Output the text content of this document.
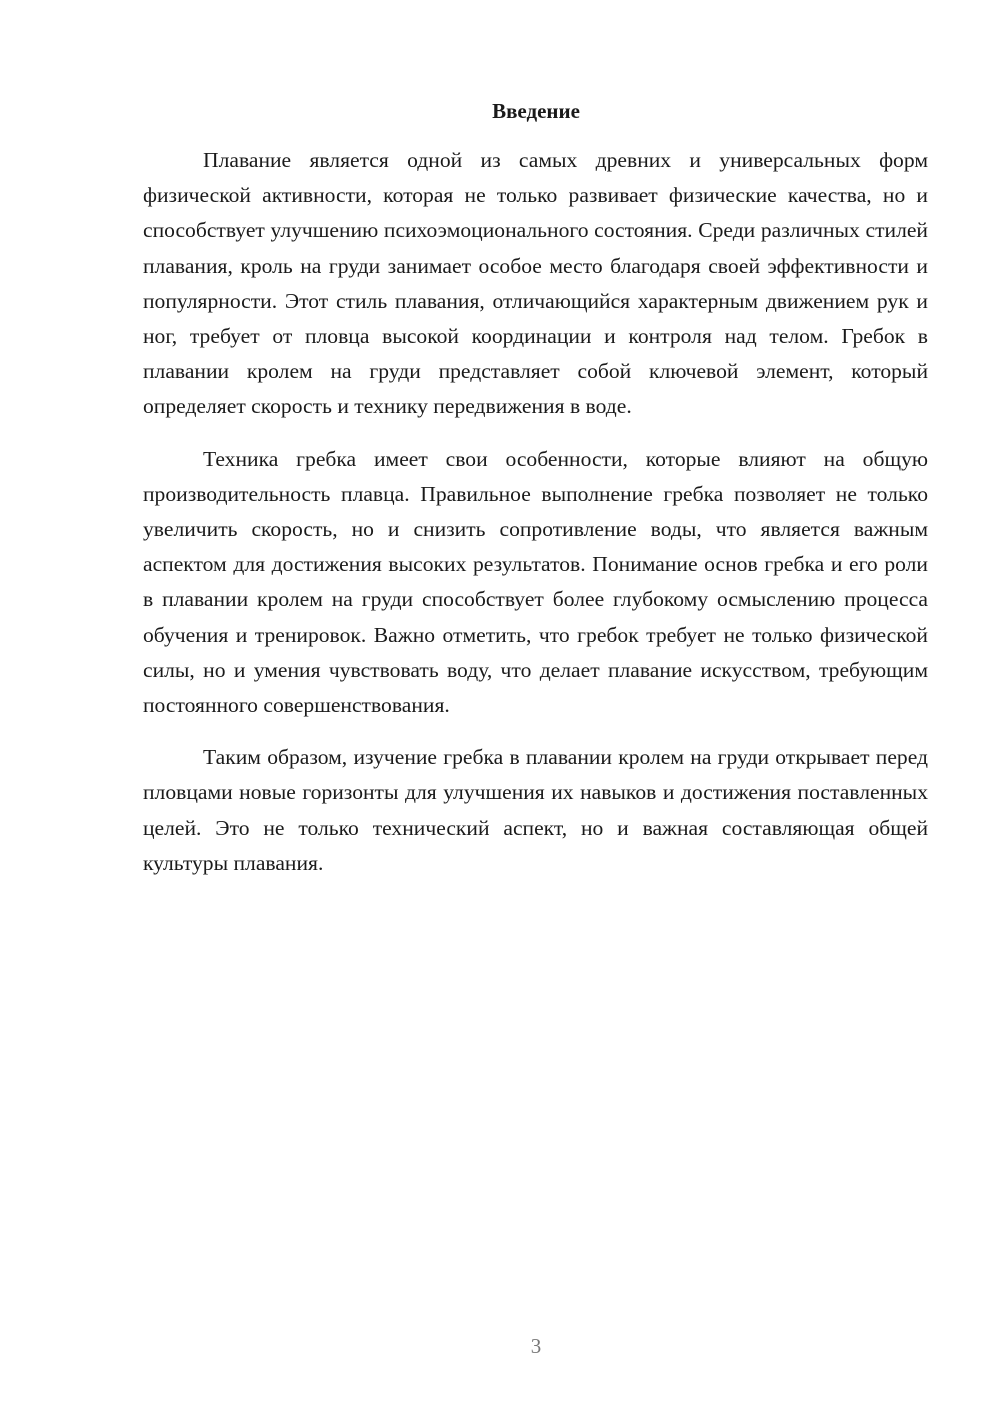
Введение

Плавание является одной из самых древних и универсальных форм физической активности, которая не только развивает физические качества, но и способствует улучшению психоэмоционального состояния. Среди различных стилей плавания, кроль на груди занимает особое место благодаря своей эффективности и популярности. Этот стиль плавания, отличающийся характерным движением рук и ног, требует от пловца высокой координации и контроля над телом. Гребок в плавании кролем на груди представляет собой ключевой элемент, который определяет скорость и технику передвижения в воде.

Техника гребка имеет свои особенности, которые влияют на общую производительность плавца. Правильное выполнение гребка позволяет не только увеличить скорость, но и снизить сопротивление воды, что является важным аспектом для достижения высоких результатов. Понимание основ гребка и его роли в плавании кролем на груди способствует более глубокому осмыслению процесса обучения и тренировок. Важно отметить, что гребок требует не только физической силы, но и умения чувствовать воду, что делает плавание искусством, требующим постоянного совершенствования.

Таким образом, изучение гребка в плавании кролем на груди открывает перед пловцами новые горизонты для улучшения их навыков и достижения поставленных целей. Это не только технический аспект, но и важная составляющая общей культуры плавания.

3
